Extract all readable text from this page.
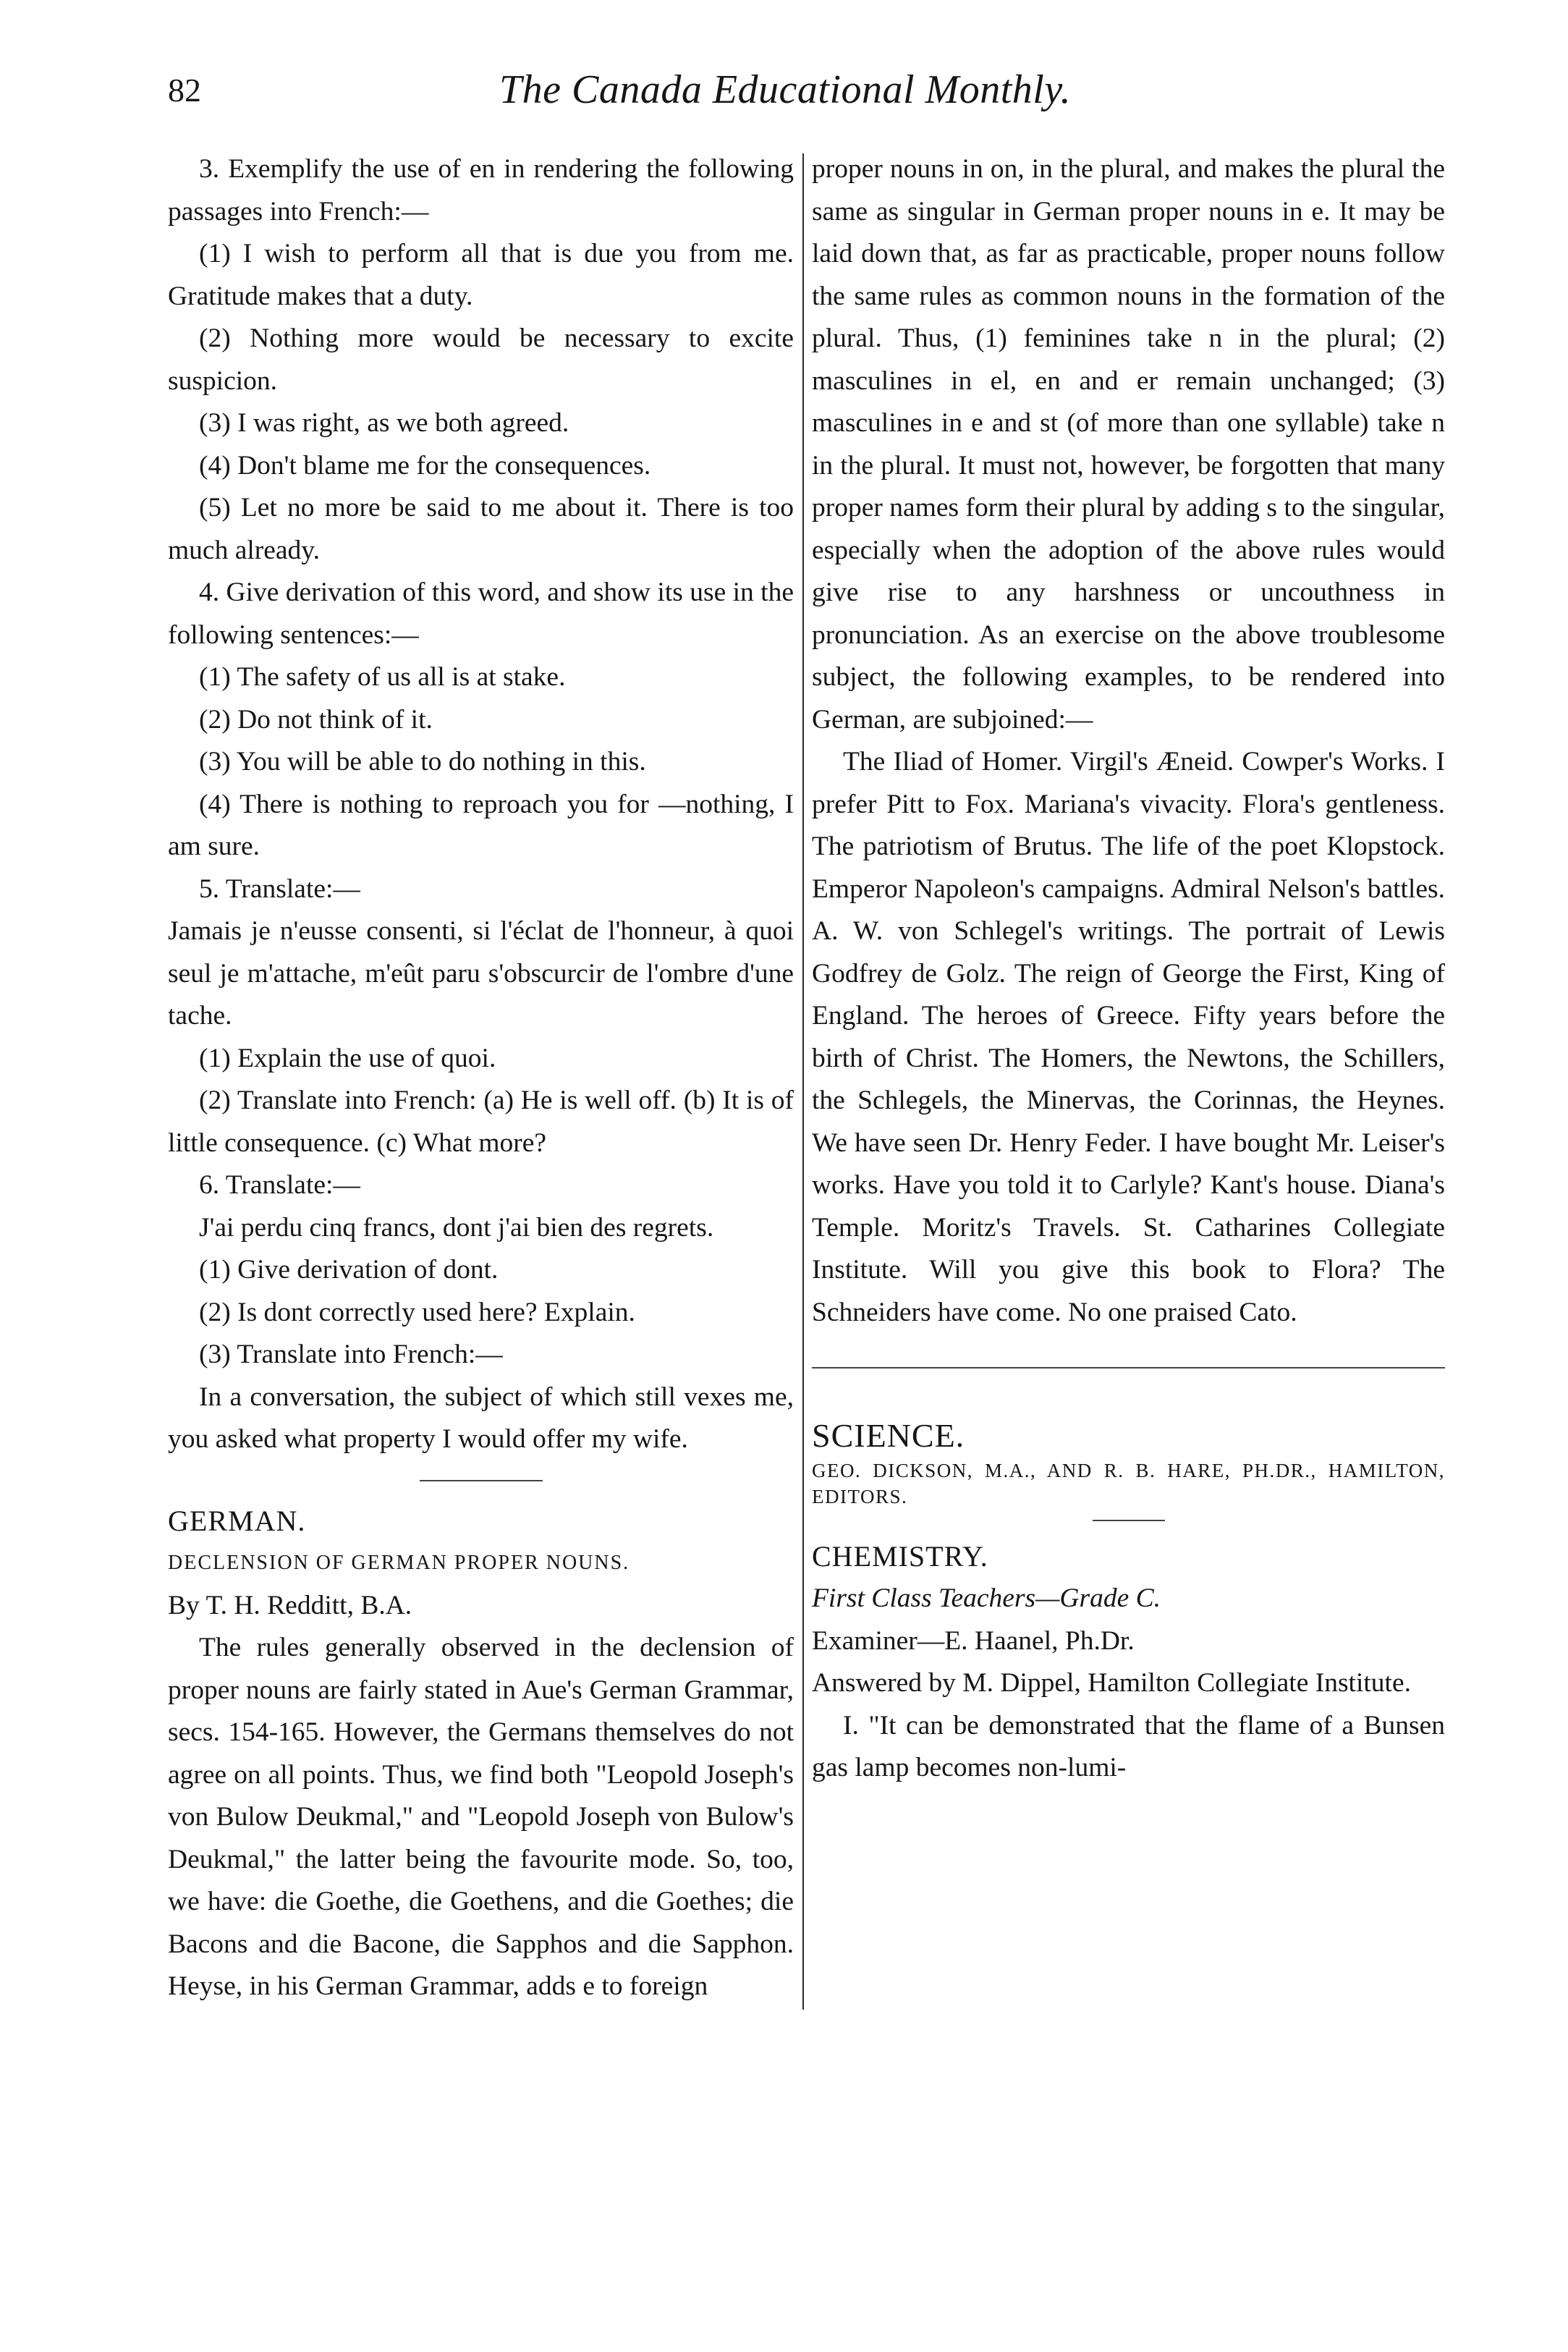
82	The Canada Educational Monthly.

3. Exemplify the use of en in rendering the following passages into French:—

(1) I wish to perform all that is due you from me. Gratitude makes that a duty.

(2) Nothing more would be necessary to excite suspicion.

(3) I was right, as we both agreed.

(4) Don't blame me for the consequences.

(5) Let no more be said to me about it. There is too much already.

4. Give derivation of this word, and show its use in the following sentences:—

(1) The safety of us all is at stake.

(2) Do not think of it.

(3) You will be able to do nothing in this.

(4) There is nothing to reproach you for —nothing, I am sure.

5. Translate:—

Jamais je n'eusse consenti, si l'éclat de l'honneur, à quoi seul je m'attache, m'eût paru s'obscurcir de l'ombre d'une tache.

(1) Explain the use of quoi.

(2) Translate into French: (a) He is well off. (b) It is of little consequence. (c) What more?

6. Translate:—

J'ai perdu cinq francs, dont j'ai bien des regrets.

(1) Give derivation of dont.

(2) Is dont correctly used here? Explain.

(3) Translate into French:—

In a conversation, the subject of which still vexes me, you asked what property I would offer my wife.

GERMAN.

DECLENSION OF GERMAN PROPER NOUNS.

By T. H. Redditt, B.A.

The rules generally observed in the declension of proper nouns are fairly stated in Aue's German Grammar, secs. 154-165. However, the Germans themselves do not agree on all points. Thus, we find both "Leopold Joseph's von Bulow Deukmal," and "Leopold Joseph von Bulow's Deukmal," the latter being the favourite mode. So, too, we have: die Goethe, die Goethens, and die Goethes; die Bacons and die Bacone, die Sapphos and die Sapphon. Heyse, in his German Grammar, adds e to foreign

proper nouns in on, in the plural, and makes the plural the same as singular in German proper nouns in e. It may be laid down that, as far as practicable, proper nouns follow the same rules as common nouns in the formation of the plural. Thus, (1) feminines take n in the plural; (2) masculines in el, en and er remain unchanged; (3) masculines in e and st (of more than one syllable) take n in the plural. It must not, however, be forgotten that many proper names form their plural by adding s to the singular, especially when the adoption of the above rules would give rise to any harshness or uncouthness in pronunciation. As an exercise on the above troublesome subject, the following examples, to be rendered into German, are subjoined:—

The Iliad of Homer. Virgil's Æneid. Cowper's Works. I prefer Pitt to Fox. Mariana's vivacity. Flora's gentleness. The patriotism of Brutus. The life of the poet Klopstock. Emperor Napoleon's campaigns. Admiral Nelson's battles. A. W. von Schlegel's writings. The portrait of Lewis Godfrey de Golz. The reign of George the First, King of England. The heroes of Greece. Fifty years before the birth of Christ. The Homers, the Newtons, the Schillers, the Schlegels, the Minervas, the Corinnas, the Heynes. We have seen Dr. Henry Feder. I have bought Mr. Leiser's works. Have you told it to Carlyle? Kant's house. Diana's Temple. Moritz's Travels. St. Catharines Collegiate Institute. Will you give this book to Flora? The Schneiders have come. No one praised Cato.

SCIENCE.

GEO. DICKSON, M.A., AND R. B. HARE, PH.DR., HAMILTON, EDITORS.

CHEMISTRY.

First Class Teachers—Grade C.

Examiner—E. Haanel, Ph.Dr.

Answered by M. Dippel, Hamilton Collegiate Institute.

I. "It can be demonstrated that the flame of a Bunsen gas lamp becomes non-lumi-
